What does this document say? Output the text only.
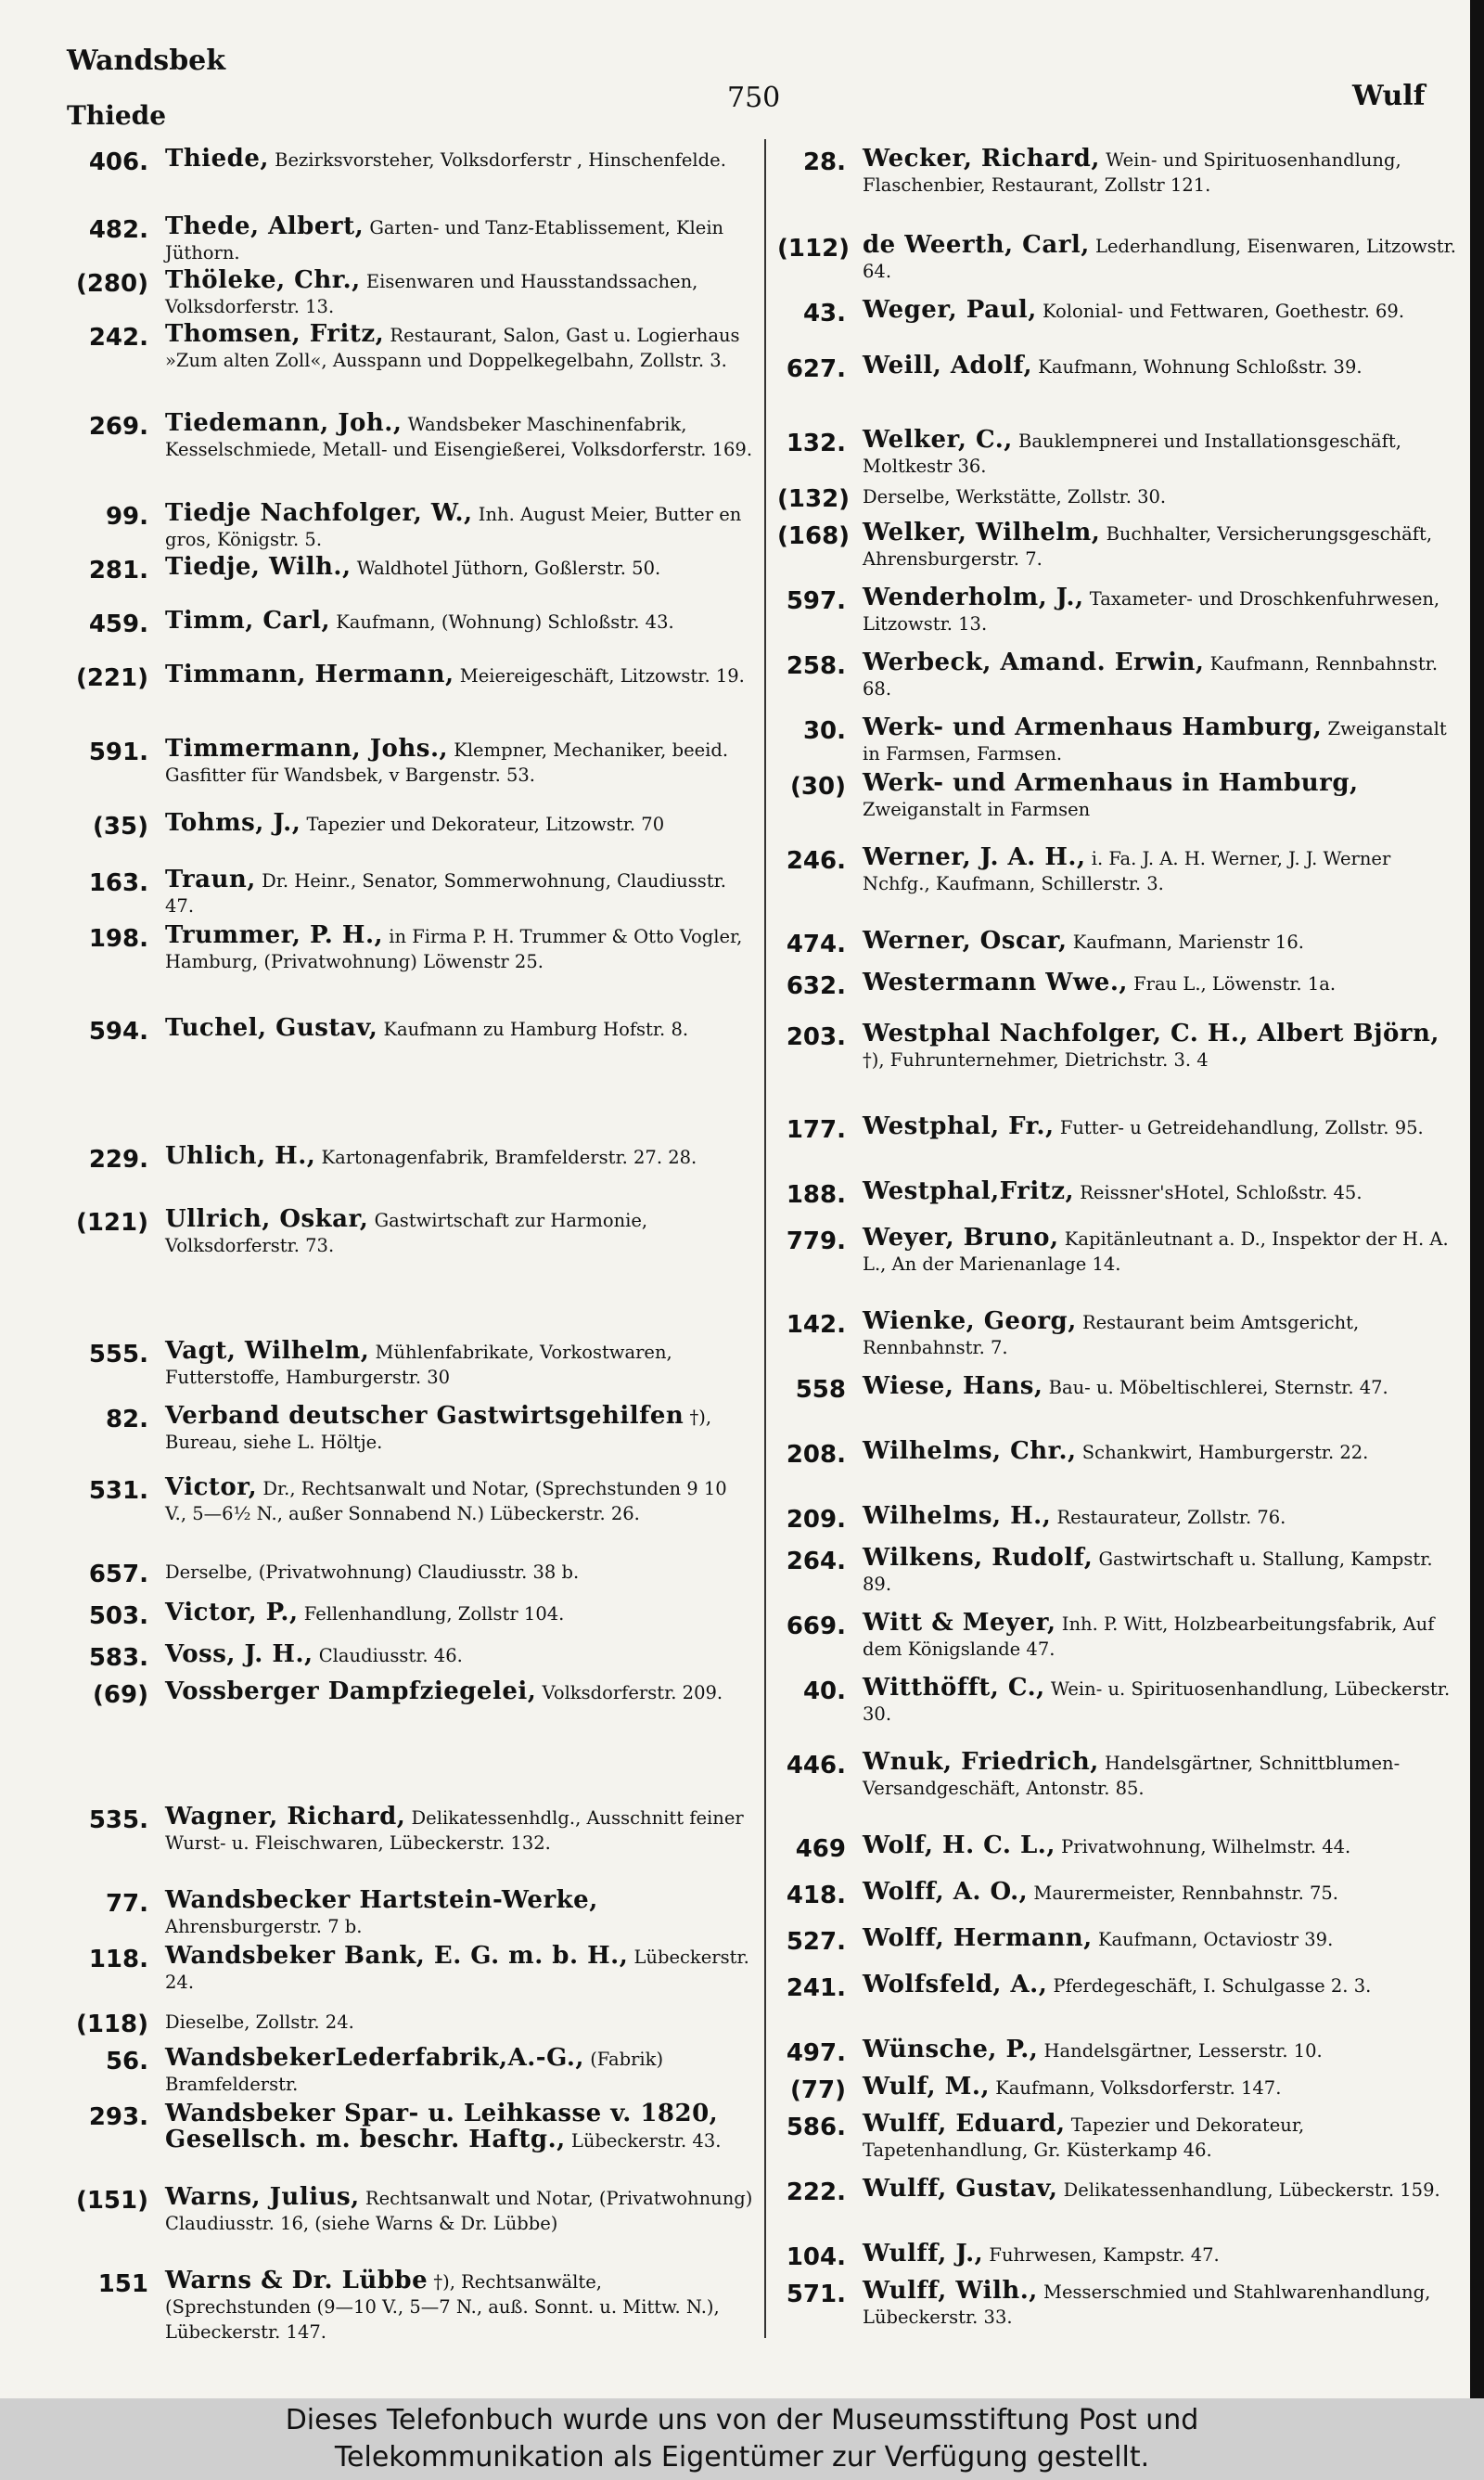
Wandsbek
Thiede
750	Wulf
406. Thiede, Bezirksvorsteher, Volksdorferstr , Hinschenfelde.
482. Thede, Albert, Garten- und Tanz-Etablissement, Klein Jüthorn.
(280) Thöleke, Chr., Eisenwaren und Hausstandssachen, Volksdorferstr. 13.
242. Thomsen, Fritz, Restaurant, Salon, Gast u. Logierhaus »Zum alten Zoll«, Ausspann und Doppelkegelbahn, Zollstr. 3.
269. Tiedemann, Joh., Wandsbeker Maschinenfabrik, Kesselschmiede, Metall- und Eisengießerei, Volksdorferstr. 169.
99. Tiedje Nachfolger, W., Inh. August Meier, Butter en gros, Königstr. 5.
281. Tiedje, Wilh., Waldhotel Jüthorn, Goßlerstr. 50.
459. Timm, Carl, Kaufmann, (Wohnung) Schloßstr. 43.
(221) Timmann, Hermann, Meiereigeschäft, Litzowstr. 19.
591. Timmermann, Johs., Klempner, Mechaniker, beeid. Gasfitter für Wandsbek, v Bargenstr. 53.
(35) Tohms, J., Tapezier und Dekorateur, Litzowstr. 70
163. Traun, Dr. Heinr., Senator, Sommerwohnung, Claudiusstr. 47.
198. Trummer, P. H., in Firma P. H. Trummer & Otto Vogler, Hamburg, (Privatwohnung) Löwenstr 25.
594. Tuchel, Gustav, Kaufmann zu Hamburg Hofstr. 8.
229. Uhlich, H., Kartonagenfabrik, Bramfelderstr. 27. 28.
(121) Ullrich, Oskar, Gastwirtschaft zur Harmonie, Volksdorferstr. 73.
555. Vagt, Wilhelm, Mühlenfabrikate, Vorkostwaren, Futterstoffe, Hamburgerstr. 30
82. Verband deutscher Gastwirtsgehilfen †), Bureau, siehe L. Höltje.
531. Victor, Dr., Rechtsanwalt und Notar, (Sprechstunden 9 10 V., 5—6½ N., außer Sonnabend N.) Lübeckerstr. 26.
657. Derselbe, (Privatwohnung) Claudiusstr. 38 b.
503. Victor, P., Fellenhandlung, Zollstr 104.
583. Voss, J. H., Claudiusstr. 46.
(69) Vossberger Dampfziegelei, Volksdorferstr. 209.
535. Wagner, Richard, Delikatessenhdlg., Ausschnitt feiner Wurst- u. Fleischwaren, Lübeckerstr. 132.
77. Wandsbecker Hartstein-Werke, Ahrensburgerstr. 7 b.
118. Wandsbeker Bank, E. G. m. b. H., Lübeckerstr. 24.
(118) Dieselbe, Zollstr. 24.
56. WandsbekerLederfabrik,A.-G., (Fabrik) Bramfelderstr.
293. Wandsbeker Spar- u. Leihkasse v. 1820, Gesellsch. m. beschr. Haftg., Lübeckerstr. 43.
(151) Warns, Julius, Rechtsanwalt und Notar, (Privatwohnung) Claudiusstr. 16, (siehe Warns & Dr. Lübbe)
151 Warns & Dr. Lübbe †), Rechtsanwälte, (Sprechstunden (9—10 V., 5—7 N., auß. Sonnt. u. Mittw. N.), Lübeckerstr. 147.
28. Wecker, Richard, Wein- und Spirituosenhandlung, Flaschenbier, Restaurant, Zollstr 121.
(112) de Weerth, Carl, Lederhandlung, Eisenwaren, Litzowstr. 64.
43. Weger, Paul, Kolonial- und Fettwaren, Goethestr. 69.
627. Weill, Adolf, Kaufmann, Wohnung Schloßstr. 39.
132. Welker, C., Bauklempnerei und Installationsgeschäft, Moltkestr 36.
(132) Derselbe, Werkstätte, Zollstr. 30.
(168) Welker, Wilhelm, Buchhalter, Versicherungsgeschäft, Ahrensburgerstr. 7.
597. Wenderholm, J., Taxameter- und Droschkenfuhrwesen, Litzowstr. 13.
258. Werbeck, Amand. Erwin, Kaufmann, Rennbahnstr. 68.
30. Werk- und Armenhaus Hamburg, Zweiganstalt in Farmsen, Farmsen.
(30) Werk- und Armenhaus in Hamburg, Zweiganstalt in Farmsen
246. Werner, J. A. H., i. Fa. J. A. H. Werner, J. J. Werner Nchfg., Kaufmann, Schillerstr. 3.
474. Werner, Oscar, Kaufmann, Marienstr 16.
632. Westermann Wwe., Frau L., Löwenstr. 1a.
203. Westphal Nachfolger, C. H., Albert Björn, †), Fuhrunternehmer, Dietrichstr. 3. 4
177. Westphal, Fr., Futter- u Getreidehandlung, Zollstr. 95.
188. Westphal,Fritz, Reissner'sHotel, Schloßstr. 45.
779. Weyer, Bruno, Kapitänleutnant a. D., Inspektor der H. A. L., An der Marienanlage 14.
142. Wienke, Georg, Restaurant beim Amtsgericht, Rennbahnstr. 7.
558 Wiese, Hans, Bau- u. Möbeltischlerei, Sternstr. 47.
208. Wilhelms, Chr., Schankwirt, Hamburgerstr. 22.
209. Wilhelms, H., Restaurateur, Zollstr. 76.
264. Wilkens, Rudolf, Gastwirtschaft u. Stallung, Kampstr. 89.
669. Witt & Meyer, Inh. P. Witt, Holzbearbeitungsfabrik, Auf dem Königslande 47.
40. Witthöfft, C., Wein- u. Spirituosenhandlung, Lübeckerstr. 30.
446. Wnuk, Friedrich, Handelsgärtner, Schnittblumen-Versandgeschäft, Antonstr. 85.
469 Wolf, H. C. L., Privatwohnung, Wilhelmstr. 44.
418. Wolff, A. O., Maurermeister, Rennbahnstr. 75.
527. Wolff, Hermann, Kaufmann, Octaviostr 39.
241. Wolfsfeld, A., Pferdegeschäft, I. Schulgasse 2. 3.
497. Wünsche, P., Handelsgärtner, Lesserstr. 10.
(77) Wulf, M., Kaufmann, Volksdorferstr. 147.
586. Wulff, Eduard, Tapezier und Dekorateur, Tapetenhandlung, Gr. Küsterkamp 46.
222. Wulff, Gustav, Delikatessenhandlung, Lübeckerstr. 159.
104. Wulff, J., Fuhrwesen, Kampstr. 47.
571. Wulff, Wilh., Messerschmied und Stahlwarenhandlung, Lübeckerstr. 33.
Dieses Telefonbuch wurde uns von der Museumsstiftung Post und
Telekommunikation als Eigentümer zur Verfügung gestellt.
